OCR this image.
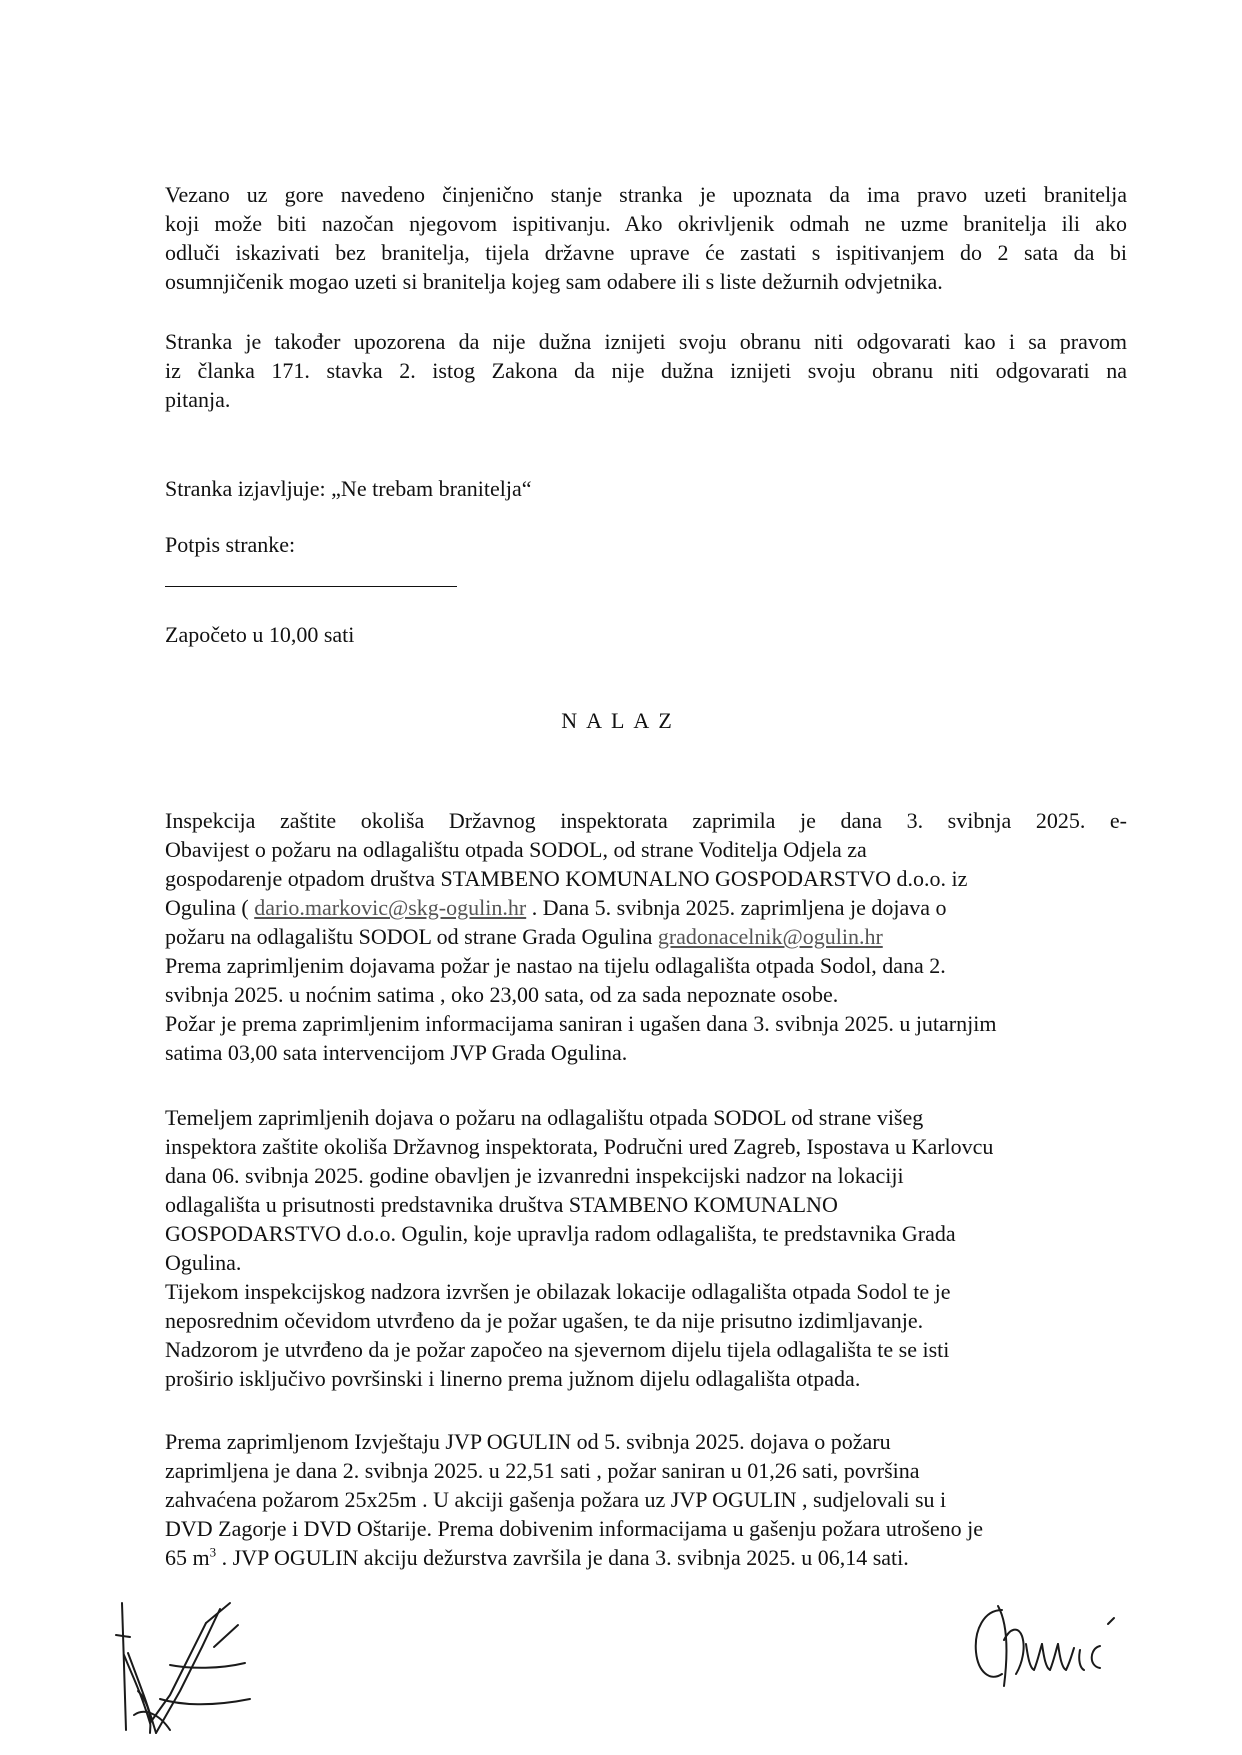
Vezano uz gore navedeno činjenično stanje stranka je upoznata da ima pravo uzeti branitelja
koji može biti nazočan njegovom ispitivanju. Ako okrivljenik odmah ne uzme branitelja ili ako
odluči iskazivati bez branitelja, tijela državne uprave će zastati s ispitivanjem do 2 sata da bi
osumnjičenik mogao uzeti si branitelja kojeg sam odabere ili s liste dežurnih odvjetnika.
Stranka je također upozorena da nije dužna iznijeti svoju obranu niti odgovarati kao i sa pravom
iz članka 171. stavka 2. istog Zakona da nije dužna iznijeti svoju obranu niti odgovarati na
pitanja.
Stranka izjavljuje: „Ne trebam branitelja“
Potpis stranke:
Započeto u 10,00 sati
NALAZ
Inspekcija zaštite okoliša Državnog inspektorata zaprimila je dana 3. svibnja 2025. e-
Obavijest o požaru na odlagalištu otpada SODOL, od strane Voditelja Odjela za
gospodarenje otpadom društva STAMBENO KOMUNALNO GOSPODARSTVO d.o.o. iz
Ogulina ( dario.markovic@skg-ogulin.hr . Dana 5. svibnja 2025. zaprimljena je dojava o
požaru na odlagalištu SODOL od strane Grada Ogulina gradonacelnik@ogulin.hr
Prema zaprimljenim dojavama požar je nastao na tijelu odlagališta otpada Sodol, dana 2.
svibnja 2025. u noćnim satima , oko 23,00 sata, od za sada nepoznate osobe.
Požar je prema zaprimljenim informacijama saniran i ugašen dana 3. svibnja 2025. u jutarnjim
satima 03,00 sata intervencijom JVP Grada Ogulina.
Temeljem zaprimljenih dojava o požaru na odlagalištu otpada SODOL od strane višeg
inspektora zaštite okoliša Državnog inspektorata, Područni ured Zagreb, Ispostava u Karlovcu
dana 06. svibnja 2025. godine obavljen je izvanredni inspekcijski nadzor na lokaciji
odlagališta u prisutnosti predstavnika društva STAMBENO KOMUNALNO
GOSPODARSTVO d.o.o. Ogulin, koje upravlja radom odlagališta, te predstavnika Grada
Ogulina.
Tijekom inspekcijskog nadzora izvršen je obilazak lokacije odlagališta otpada Sodol te je
neposrednim očevidom utvrđeno da je požar ugašen, te da nije prisutno izdimljavanje.
Nadzorom je utvrđeno da je požar započeo na sjevernom dijelu tijela odlagališta te se isti
proširio isključivo površinski i linerno prema južnom dijelu odlagališta otpada.
Prema zaprimljenom Izvještaju JVP OGULIN od 5. svibnja 2025. dojava o požaru
zaprimljena je dana 2. svibnja 2025. u 22,51 sati , požar saniran u 01,26 sati, površina
zahvaćena požarom 25x25m . U akciji gašenja požara uz JVP OGULIN , sudjelovali su i
DVD Zagorje i DVD Oštarije. Prema dobivenim informacijama u gašenju požara utrošeno je
65 $m^3$ . JVP OGULIN akciju dežurstva završila je dana 3. svibnja 2025. u 06,14 sati.
